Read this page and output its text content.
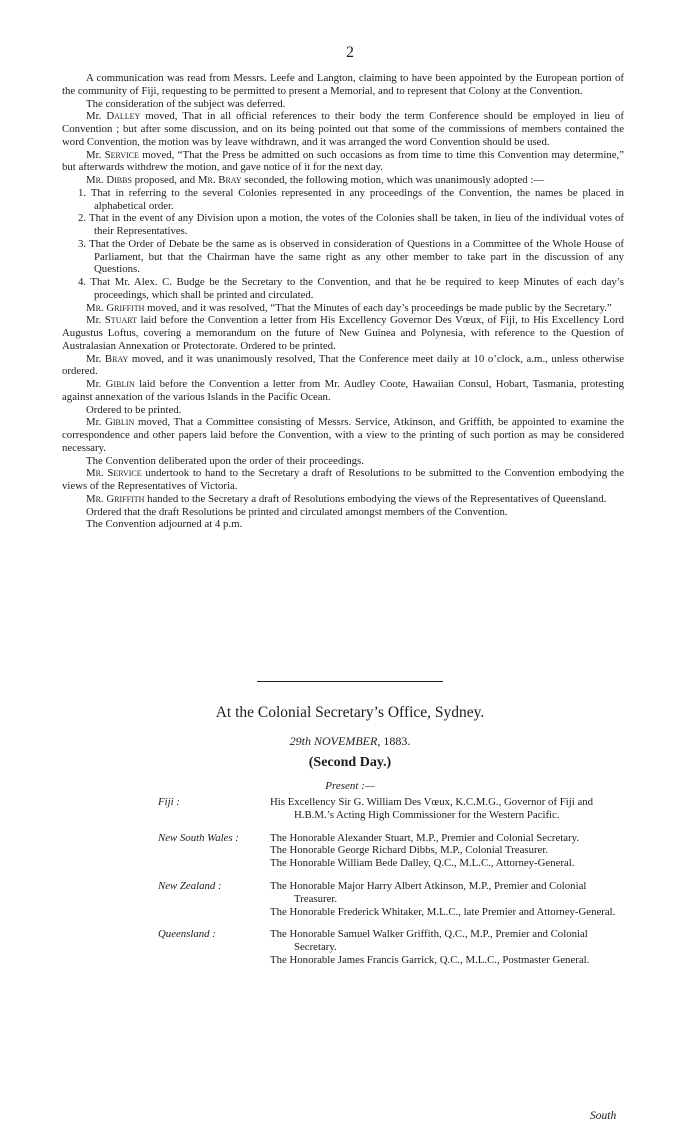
2

A communication was read from Messrs. Leefe and Langton, claiming to have been appointed by the European portion of the community of Fiji, requesting to be permitted to present a Memorial, and to represent that Colony at the Convention.

The consideration of the subject was deferred.

Mr. Dalley moved, That in all official references to their body the term Conference should be employed in lieu of Convention ; but after some discussion, and on its being pointed out that some of the commissions of members contained the word Convention, the motion was by leave withdrawn, and it was arranged the word Convention should be used.

Mr. Service moved, “That the Press be admitted on such occasions as from time to time this Convention may determine,” but afterwards withdrew the motion, and gave notice of it for the next day.

Mr. Dibbs proposed, and Mr. Bray seconded, the following motion, which was unanimously adopted :—

1. That in referring to the several Colonies represented in any proceedings of the Convention, the names be placed in alphabetical order.

2. That in the event of any Division upon a motion, the votes of the Colonies shall be taken, in lieu of the individual votes of their Representatives.

3. That the Order of Debate be the same as is observed in consideration of Questions in a Committee of the Whole House of Parliament, but that the Chairman have the same right as any other member to take part in the discussion of any Questions.

4. That Mr. Alex. C. Budge be the Secretary to the Convention, and that he be required to keep Minutes of each day’s proceedings, which shall be printed and circulated.

Mr. Griffith moved, and it was resolved, “That the Minutes of each day’s proceedings be made public by the Secretary.”

Mr. Stuart laid before the Convention a letter from His Excellency Governor Des Vœux, of Fiji, to His Excellency Lord Augustus Loftus, covering a memorandum on the future of New Guinea and Polynesia, with reference to the Question of Australasian Annexation or Protectorate. Ordered to be printed.

Mr. Bray moved, and it was unanimously resolved, That the Conference meet daily at 10 o’clock, a.m., unless otherwise ordered.

Mr. Giblin laid before the Convention a letter from Mr. Audley Coote, Hawaiian Consul, Hobart, Tasmania, protesting against annexation of the various Islands in the Pacific Ocean.

Ordered to be printed.

Mr. Giblin moved, That a Committee consisting of Messrs. Service, Atkinson, and Griffith, be appointed to examine the correspondence and other papers laid before the Convention, with a view to the printing of such portion as may be considered necessary.

The Convention deliberated upon the order of their proceedings.

Mr. Service undertook to hand to the Secretary a draft of Resolutions to be submitted to the Convention embodying the views of the Representatives of Victoria.

Mr. Griffith handed to the Secretary a draft of Resolutions embodying the views of the Representatives of Queensland.

Ordered that the draft Resolutions be printed and circulated amongst members of the Convention.

The Convention adjourned at 4 p.m.

At the Colonial Secretary’s Office, Sydney.
29th NOVEMBER, 1883.
(Second Day.)
Present :—
Fiji :	His Excellency Sir G. William Des Vœux, K.C.M.G., Governor of Fiji and H.B.M.’s Acting High Commissioner for the Western Pacific.
New South Wales :	The Honorable Alexander Stuart, M.P., Premier and Colonial Secretary.
The Honorable George Richard Dibbs, M.P., Colonial Treasurer.
The Honorable William Bede Dalley, Q.C., M.L.C., Attorney-General.
New Zealand :	The Honorable Major Harry Albert Atkinson, M.P., Premier and Colonial Treasurer.
The Honorable Frederick Whitaker, M.L.C., late Premier and Attorney-General.
Queensland :	The Honorable Samuel Walker Griffith, Q.C., M.P., Premier and Colonial Secretary.
The Honorable James Francis Garrick, Q.C., M.L.C., Postmaster General.
South
